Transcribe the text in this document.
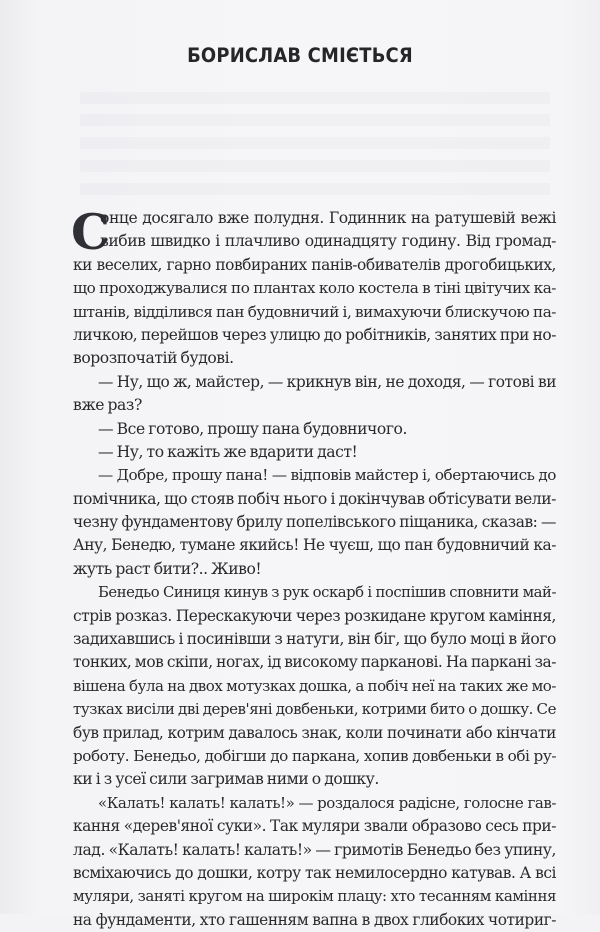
БОРИСЛАВ СМІЄТЬСЯ
С
онце досягало вже полудня. Годинник на ратушевій вежі
вибив швидко і плачливо одинадцяту годину. Від громад-
ки веселих, гарно повбираних панів-обивателів дрогобицьких,
що проходжувалися по плантах коло костела в тіні цвітучих ка-
штанів, відділився пан будовничий і, вимахуючи блискучою па-
личкою, перейшов через улицю до робітників, занятих при но-
ворозпочатій будові.
— Ну, що ж, майстер, — крикнув він, не доходя, — готові ви
вже раз?
— Все готово, прошу пана будовничого.
— Ну, то кажіть же вдарити даст!
— Добре, прошу пана! — відповів майстер і, обертаючись до
помічника, що стояв побіч нього і докінчував обтісувати вели-
чезну фундаментову брилу попелівського піщаника, сказав: —
Ану, Бенедю, тумане якийсь! Не чуєш, що пан будовничий ка-
жуть раст бити?.. Живо!
Бенедьо Синиця кинув з рук оскарб і поспішив сповнити май-
стрів розказ. Перескакуючи через розкидане кругом каміння,
задихавшись і посинівши з натуги, він біг, що було моці в його
тонких, мов скіпи, ногах, ід високому парканові. На паркані за-
вішена була на двох мотузках дошка, а побіч неї на таких же мо-
тузках висіли дві дерев'яні довбеньки, котрими бито о дошку. Се
був прилад, котрим давалось знак, коли починати або кінчати
роботу. Бенедьо, добігши до паркана, хопив довбеньки в обі ру-
ки і з усеї сили загримав ними о дошку.
«Калать! калать! калать!» — роздалося радісне, голосне гав-
кання «дерев'яної суки». Так муляри звали образово сесь при-
лад. «Калать! калать! калать!» — гримотів Бенедьо без упину,
всміхаючись до дошки, котру так немилосердно катував. А всі
муляри, заняті кругом на широкім плацу: хто тесанням каміння
на фундаменти, хто гашенням вапна в двох глибоких чотириг-
